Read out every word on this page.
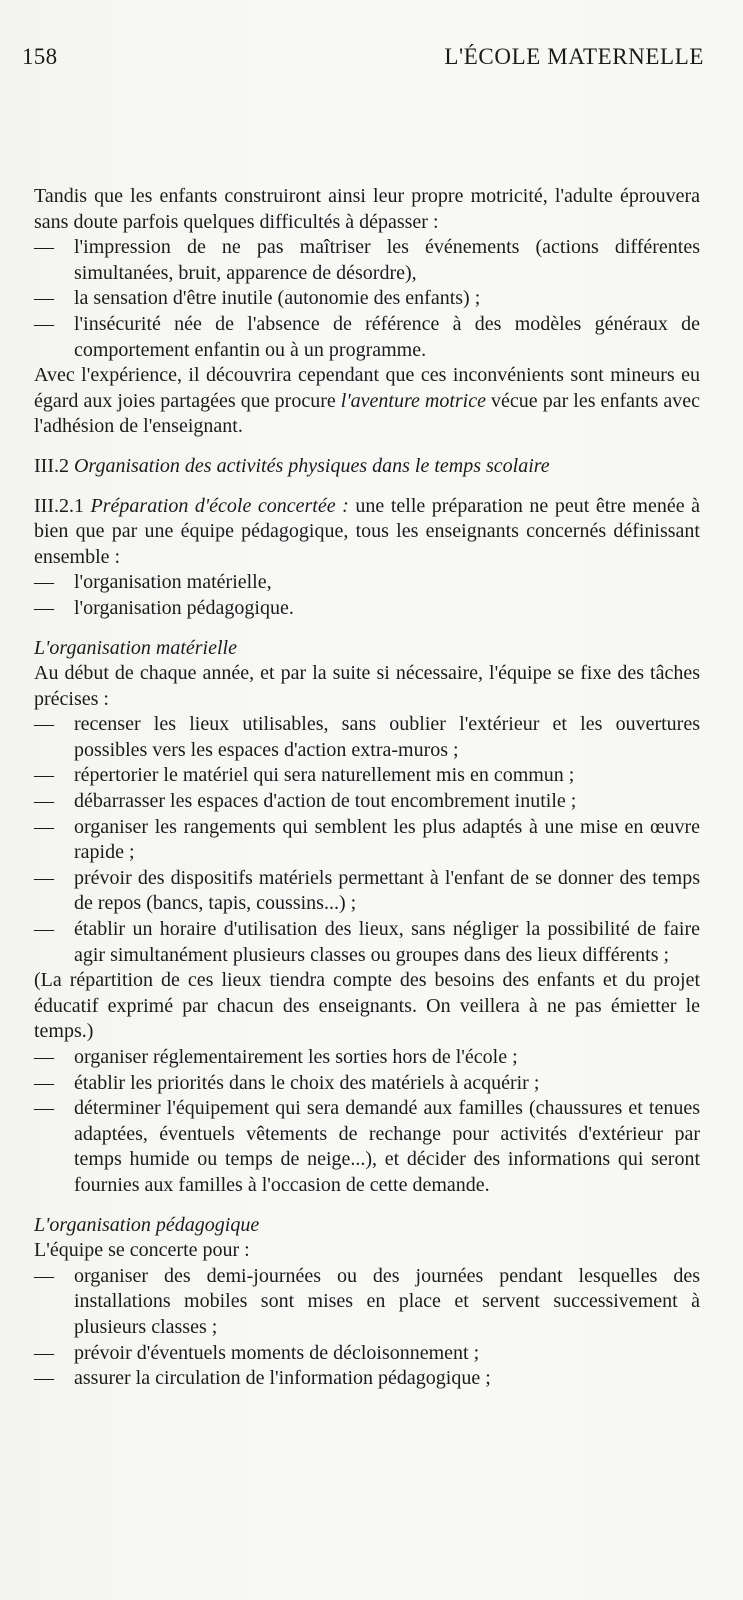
158	L'ÉCOLE MATERNELLE

Tandis que les enfants construiront ainsi leur propre motricité, l'adulte éprouvera sans doute parfois quelques difficultés à dépasser :

— l'impression de ne pas maîtriser les événements (actions différentes simultanées, bruit, apparence de désordre),
— la sensation d'être inutile (autonomie des enfants) ;
— l'insécurité née de l'absence de référence à des modèles généraux de comportement enfantin ou à un programme.

Avec l'expérience, il découvrira cependant que ces inconvénients sont mineurs eu égard aux joies partagées que procure l'aventure motrice vécue par les enfants avec l'adhésion de l'enseignant.

III.2 Organisation des activités physiques dans le temps scolaire

III.2.1 Préparation d'école concertée : une telle préparation ne peut être menée à bien que par une équipe pédagogique, tous les enseignants concernés définissant ensemble :

— l'organisation matérielle,
— l'organisation pédagogique.

L'organisation matérielle

Au début de chaque année, et par la suite si nécessaire, l'équipe se fixe des tâches précises :

— recenser les lieux utilisables, sans oublier l'extérieur et les ouvertures possibles vers les espaces d'action extra-muros ;
— répertorier le matériel qui sera naturellement mis en commun ;
— débarrasser les espaces d'action de tout encombrement inutile ;
— organiser les rangements qui semblent les plus adaptés à une mise en œuvre rapide ;
— prévoir des dispositifs matériels permettant à l'enfant de se donner des temps de repos (bancs, tapis, coussins...) ;
— établir un horaire d'utilisation des lieux, sans négliger la possibilité de faire agir simultanément plusieurs classes ou groupes dans des lieux différents ;

(La répartition de ces lieux tiendra compte des besoins des enfants et du projet éducatif exprimé par chacun des enseignants. On veillera à ne pas émietter le temps.)

— organiser réglementairement les sorties hors de l'école ;
— établir les priorités dans le choix des matériels à acquérir ;
— déterminer l'équipement qui sera demandé aux familles (chaussures et tenues adaptées, éventuels vêtements de rechange pour activités d'extérieur par temps humide ou temps de neige...), et décider des informations qui seront fournies aux familles à l'occasion de cette demande.

L'organisation pédagogique

L'équipe se concerte pour :

— organiser des demi-journées ou des journées pendant lesquelles des installations mobiles sont mises en place et servent successivement à plusieurs classes ;
— prévoir d'éventuels moments de décloisonnement ;
— assurer la circulation de l'information pédagogique ;
